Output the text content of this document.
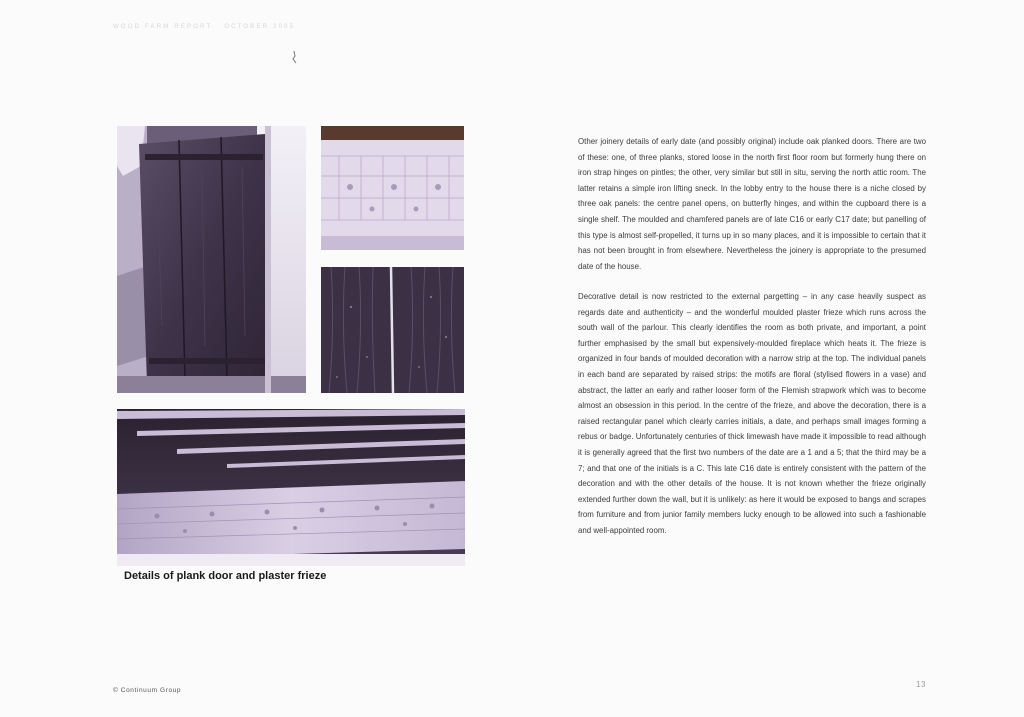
WOOD FARM REPORT · OCTOBER 2005
Details of plank door and plaster frieze

Other joinery details of early date (and possibly original) include oak planked doors. There are two of these: one, of three planks, stored loose in the north first floor room but formerly hung there on iron strap hinges on pintles; the other, very similar but still in situ, serving the north attic room. The latter retains a simple iron lifting sneck. In the lobby entry to the house there is a niche closed by three oak panels: the centre panel opens, on butterfly hinges, and within the cupboard there is a single shelf. The moulded and chamfered panels are of late C16 or early C17 date; but panelling of this type is almost self-propelled, it turns up in so many places, and it is impossible to certain that it has not been brought in from elsewhere. Nevertheless the joinery is appropriate to the presumed date of the house.

Decorative detail is now restricted to the external pargetting – in any case heavily suspect as regards date and authenticity – and the wonderful moulded plaster frieze which runs across the south wall of the parlour. This clearly identifies the room as both private, and important, a point further emphasised by the small but expensively-moulded fireplace which heats it. The frieze is organized in four bands of moulded decoration with a narrow strip at the top. The individual panels in each band are separated by raised strips: the motifs are floral (stylised flowers in a vase) and abstract, the latter an early and rather looser form of the Flemish strapwork which was to become almost an obsession in this period. In the centre of the frieze, and above the decoration, there is a raised rectangular panel which clearly carries initials, a date, and perhaps small images forming a rebus or badge. Unfortunately centuries of thick limewash have made it impossible to read although it is generally agreed that the first two numbers of the date are a 1 and a 5; that the third may be a 7; and that one of the initials is a C. This late C16 date is entirely consistent with the pattern of the decoration and with the other details of the house. It is not known whether the frieze originally extended further down the wall, but it is unlikely: as here it would be exposed to bangs and scrapes from furniture and from junior family members lucky enough to be allowed into such a fashionable and well-appointed room.

© Continuum Group
13
